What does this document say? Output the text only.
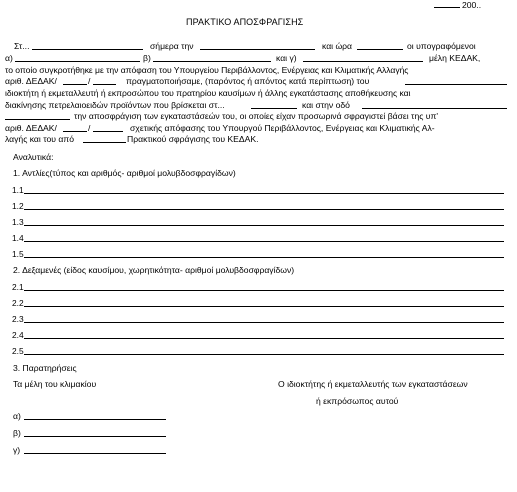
200..
ΠΡΑΚΤΙΚΟ ΑΠΟΣΦΡΑΓΙΣΗΣ
Στ...	σήμερα την	και ώρα	οι υπογραφόμενοι
α)	β)	και γ)	μέλη ΚΕΔΑΚ,
το οποίο συγκροτήθηκε με την απόφαση του Υπουργείου Περιβάλλοντος, Ενέργειας και Κλιματικής Αλλαγής
αριθ. ΔΕΔΑΚ/	/	πραγματοποιήσαμε, (παρόντος ή απόντος κατά περίπτωση) του
ιδιοκτήτη ή εκμεταλλευτή ή εκπροσώπου του πρατηρίου καυσίμων ή άλλης εγκατάστασης αποθήκευσης και
διακίνησης πετρελαιοειδών προϊόντων που βρίσκεται στ...	και στην οδό
την αποσφράγιση των εγκαταστάσεών του, οι οποίες είχαν προσωρινά σφραγιστεί βάσει της υπ'
αριθ. ΔΕΔΑΚ/	/	σχετικής απόφασης του Υπουργού Περιβάλλοντος, Ενέργειας και Κλιματικής Αλ-
λαγής και του από	Πρακτικού σφράγισης του ΚΕΔΑΚ.
Αναλυτικά:
1. Αντλίες(τύπος και αριθμός- αριθμοί μολυβδοσφραγίδων)
1.1
1.2
1.3
1.4
1.5
2. Δεξαμενές (είδος καυσίμου, χωρητικότητα- αριθμοί μολυβδοσφραγίδων)
2.1
2.2
2.3
2.4
2.5
3. Παρατηρήσεις
Τα μέλη του κλιμακίου	Ο ιδιοκτήτης ή εκμεταλλευτής των εγκαταστάσεων
ή εκπρόσωπος αυτού
α)
β)
γ)
